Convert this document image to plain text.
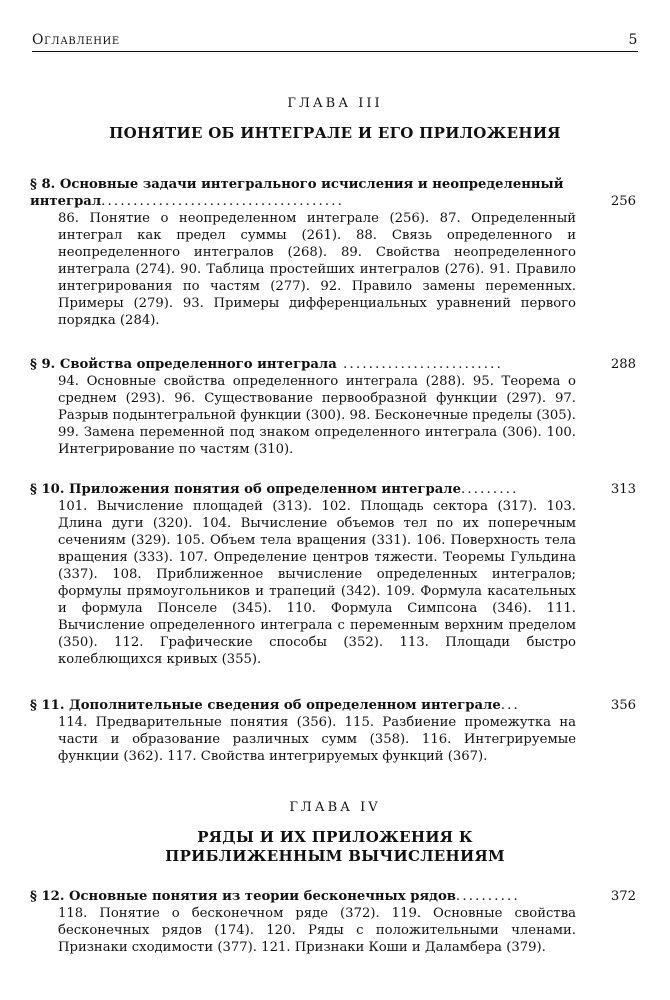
Оглавление	5
ГЛАВА III
ПОНЯТИЕ ОБ ИНТЕГРАЛЕ И ЕГО ПРИЛОЖЕНИЯ
§ 8. Основные задачи интегрального исчисления и неопределенный интеграл......................................	256
86. Понятие о неопределенном интеграле (256). 87. Определенный интеграл как предел суммы (261). 88. Связь определенного и неопределенного интегралов (268). 89. Свойства неопределенного интеграла (274). 90. Таблица простейших интегралов (276). 91. Правило интегрирования по частям (277). 92. Правило замены переменных. Примеры (279). 93. Примеры дифференциальных уравнений первого порядка (284).
§ 9. Свойства определенного интеграла .........................	288
94. Основные свойства определенного интеграла (288). 95. Теорема о среднем (293). 96. Существование первообразной функции (297). 97. Разрыв подынтегральной функции (300). 98. Бесконечные пределы (305). 99. Замена переменной под знаком определенного интеграла (306). 100. Интегрирование по частям (310).
§ 10. Приложения понятия об определенном интеграле.........	313
101. Вычисление площадей (313). 102. Площадь сектора (317). 103. Длина дуги (320). 104. Вычисление объемов тел по их поперечным сечениям (329). 105. Объем тела вращения (331). 106. Поверхность тела вращения (333). 107. Определение центров тяжести. Теоремы Гульдина (337). 108. Приближенное вычисление определенных интегралов; формулы прямоугольников и трапеций (342). 109. Формула касательных и формула Понселе (345). 110. Формула Симпсона (346). 111. Вычисление определенного интеграла с переменным верхним пределом (350). 112. Графические способы (352). 113. Площади быстро колеблющихся кривых (355).
§ 11. Дополнительные сведения об определенном интеграле...	356
114. Предварительные понятия (356). 115. Разбиение промежутка на части и образование различных сумм (358). 116. Интегрируемые функции (362). 117. Свойства интегрируемых функций (367).
ГЛАВА IV
РЯДЫ И ИХ ПРИЛОЖЕНИЯ К ПРИБЛИЖЕННЫМ ВЫЧИСЛЕНИЯМ
§ 12. Основные понятия из теории бесконечных рядов..........	372
118. Понятие о бесконечном ряде (372). 119. Основные свойства бесконечных рядов (174). 120. Ряды с положительными членами. Признаки сходимости (377). 121. Признаки Коши и Даламбера (379).
